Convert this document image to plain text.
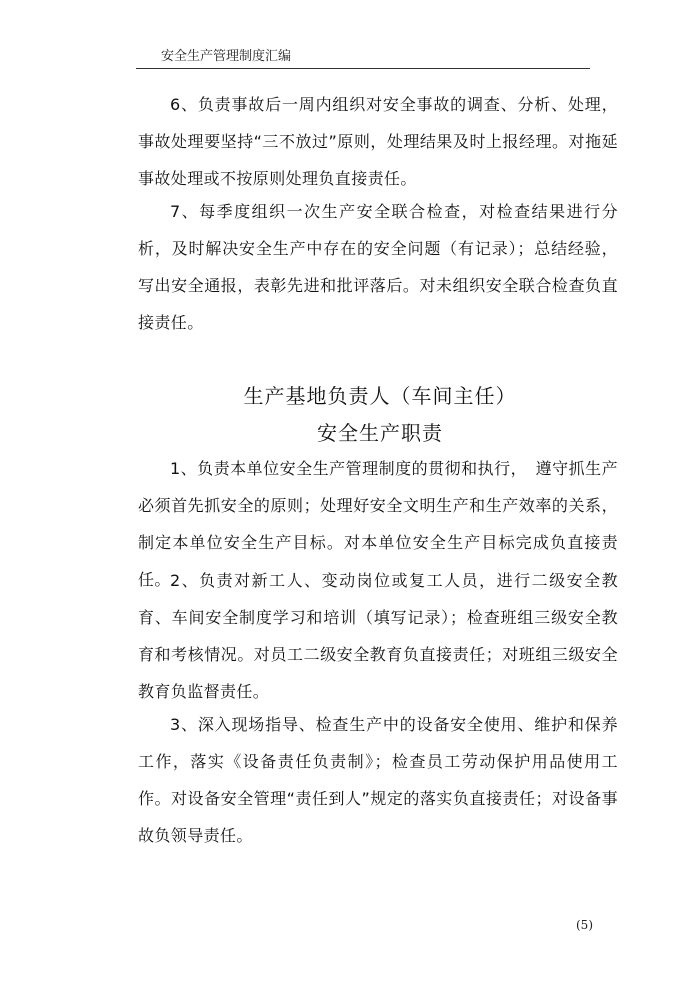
安全生产管理制度汇编

6、负责事故后一周内组织对安全事故的调查、分析、处理，事故处理要坚持“三不放过”原则，处理结果及时上报经理。对拖延事故处理或不按原则处理负直接责任。

7、每季度组织一次生产安全联合检查，对检查结果进行分析，及时解决安全生产中存在的安全问题（有记录）；总结经验，写出安全通报，表彰先进和批评落后。对未组织安全联合检查负直接责任。

生产基地负责人（车间主任）
安全生产职责

1、负责本单位安全生产管理制度的贯彻和执行，　遵守抓生产必须首先抓安全的原则；处理好安全文明生产和生产效率的关系，制定本单位安全生产目标。对本单位安全生产目标完成负直接责任。 2、负责对新工人、变动岗位或复工人员，进行二级安全教育、车间安全制度学习和培训（填写记录）；检查班组三级安全教育和考核情况。对员工二级安全教育负直接责任；对班组三级安全教育负监督责任。

3、深入现场指导、检查生产中的设备安全使用、维护和保养工作，落实《设备责任负责制》；检查员工劳动保护用品使用工作。对设备安全管理“责任到人”规定的落实负直接责任；对设备事故负领导责任。

(5)
